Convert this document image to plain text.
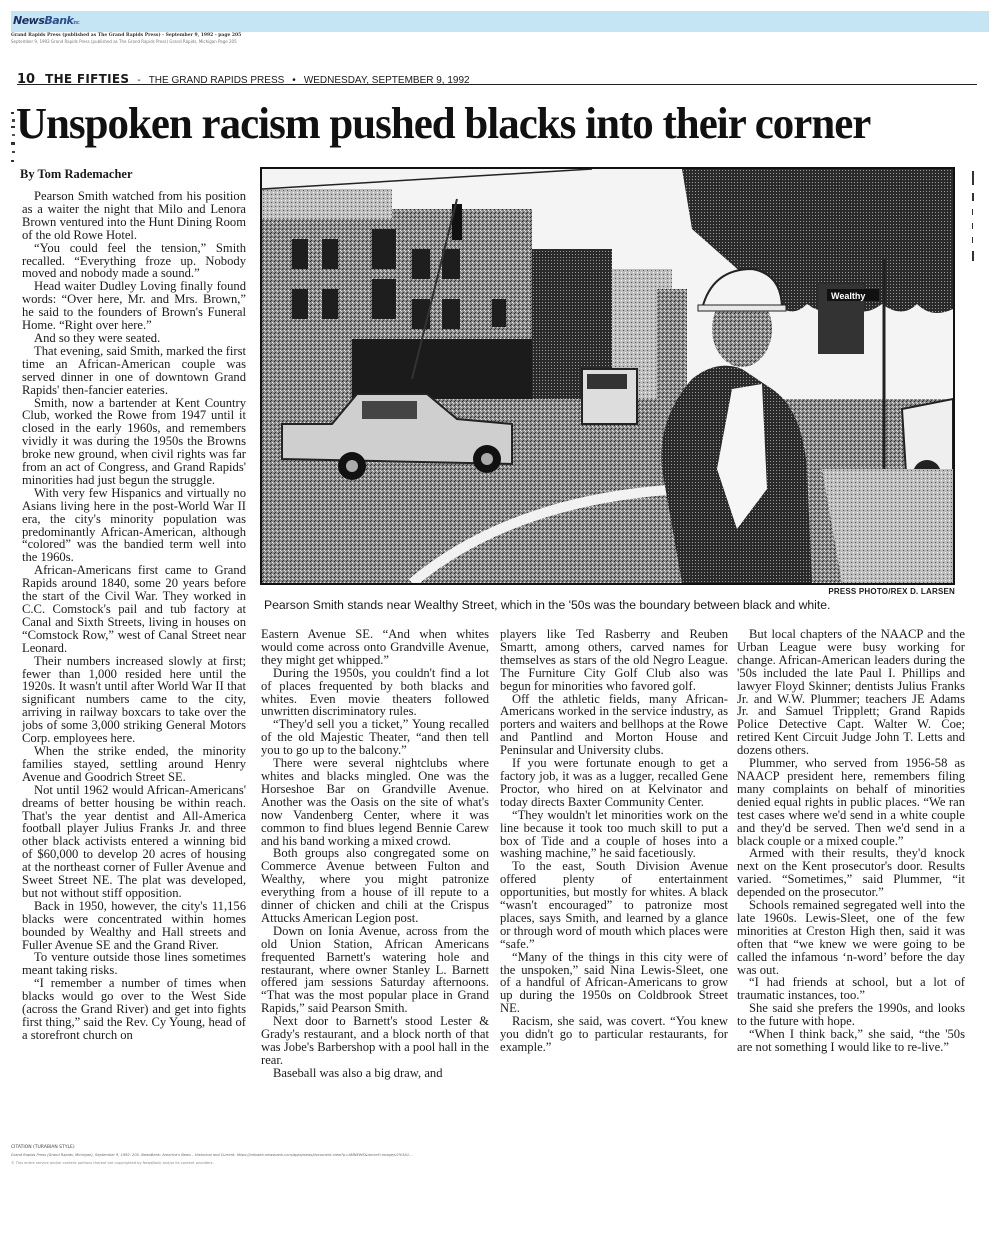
NewsBankinc
Grand Rapids Press (published as The Grand Rapids Press) - September 9, 1992 - page 205
September 9, 1992 Grand Rapids Press (published as The Grand Rapids Press) Grand Rapids, Michigan Page 205
10 THE FIFTIES - THE GRAND RAPIDS PRESS • WEDNESDAY, SEPTEMBER 9, 1992
Unspoken racism pushed blacks into their corner
By Tom Rademacher
Wealthy
PRESS PHOTO/REX D. LARSEN
Pearson Smith stands near Wealthy Street, which in the '50s was the boundary between black and white.

Pearson Smith watched from his position as a waiter the night that Milo and Lenora Brown ventured into the Hunt Dining Room of the old Rowe Hotel.

“You could feel the tension,” Smith recalled. “Everything froze up. Nobody moved and nobody made a sound.”

Head waiter Dudley Loving finally found words: “Over here, Mr. and Mrs. Brown,” he said to the founders of Brown's Funeral Home. “Right over here.”

And so they were seated.

That evening, said Smith, marked the first time an African-American couple was served dinner in one of downtown Grand Rapids' then-fancier eateries.

Smith, now a bartender at Kent Country Club, worked the Rowe from 1947 until it closed in the early 1960s, and remembers vividly it was during the 1950s the Browns broke new ground, when civil rights was far from an act of Congress, and Grand Rapids' minorities had just begun the struggle.

With very few Hispanics and virtually no Asians living here in the post-World War II era, the city's minority population was predominantly African-American, although “colored” was the bandied term well into the 1960s.

African-Americans first came to Grand Rapids around 1840, some 20 years before the start of the Civil War. They worked in C.C. Comstock's pail and tub factory at Canal and Sixth Streets, living in houses on “Comstock Row,” west of Canal Street near Leonard.

Their numbers increased slowly at first; fewer than 1,000 resided here until the 1920s. It wasn't until after World War II that significant numbers came to the city, arriving in railway boxcars to take over the jobs of some 3,000 striking General Motors Corp. employees here.

When the strike ended, the minority families stayed, settling around Henry Avenue and Goodrich Street SE.

Not until 1962 would African-Americans' dreams of better housing be within reach. That's the year dentist and All-America football player Julius Franks Jr. and three other black activists entered a winning bid of $60,000 to develop 20 acres of housing at the northeast corner of Fuller Avenue and Sweet Street NE. The plat was developed, but not without stiff opposition.

Back in 1950, however, the city's 11,156 blacks were concentrated within homes bounded by Wealthy and Hall streets and Fuller Avenue SE and the Grand River.

To venture outside those lines sometimes meant taking risks.

“I remember a number of times when blacks would go over to the West Side (across the Grand River) and get into fights first thing,” said the Rev. Cy Young, head of a storefront church on

Eastern Avenue SE. “And when whites would come across onto Grandville Avenue, they might get whipped.”

During the 1950s, you couldn't find a lot of places frequented by both blacks and whites. Even movie theaters followed unwritten discriminatory rules.

“They'd sell you a ticket,” Young recalled of the old Majestic Theater, “and then tell you to go up to the balcony.”

There were several nightclubs where whites and blacks mingled. One was the Horseshoe Bar on Grandville Avenue. Another was the Oasis on the site of what's now Vandenberg Center, where it was common to find blues legend Bennie Carew and his band working a mixed crowd.

Both groups also congregated some on Commerce Avenue between Fulton and Wealthy, where you might patronize everything from a house of ill repute to a dinner of chicken and chili at the Crispus Attucks American Legion post.

Down on Ionia Avenue, across from the old Union Station, African Americans frequented Barnett's watering hole and restaurant, where owner Stanley L. Barnett offered jam sessions Saturday afternoons. “That was the most popular place in Grand Rapids,” said Pearson Smith.

Next door to Barnett's stood Lester & Grady's restaurant, and a block north of that was Jobe's Barbershop with a pool hall in the rear.

Baseball was also a big draw, and

players like Ted Rasberry and Reuben Smartt, among others, carved names for themselves as stars of the old Negro League. The Furniture City Golf Club also was begun for minorities who favored golf.

Off the athletic fields, many African-Americans worked in the service industry, as porters and waiters and bellhops at the Rowe and Pantlind and Morton House and Peninsular and University clubs.

If you were fortunate enough to get a factory job, it was as a lugger, recalled Gene Proctor, who hired on at Kelvinator and today directs Baxter Community Center.

“They wouldn't let minorities work on the line because it took too much skill to put a box of Tide and a couple of hoses into a washing machine,” he said facetiously.

To the east, South Division Avenue offered plenty of entertainment opportunities, but mostly for whites. A black “wasn't encouraged” to patronize most places, says Smith, and learned by a glance or through word of mouth which places were “safe.”

“Many of the things in this city were of the unspoken,” said Nina Lewis-Sleet, one of a handful of African-Americans to grow up during the 1950s on Coldbrook Street NE.

Racism, she said, was covert. “You knew you didn't go to particular restaurants, for example.”

But local chapters of the NAACP and the Urban League were busy working for change. African-American leaders during the '50s included the late Paul I. Phillips and lawyer Floyd Skinner; dentists Julius Franks Jr. and W.W. Plummer; teachers JE Adams Jr. and Samuel Tripplett; Grand Rapids Police Detective Capt. Walter W. Coe; retired Kent Circuit Judge John T. Letts and dozens others.

Plummer, who served from 1956-58 as NAACP president here, remembers filing many complaints on behalf of minorities denied equal rights in public places. “We ran test cases where we'd send in a white couple and they'd be served. Then we'd send in a black couple or a mixed couple.”

Armed with their results, they'd knock next on the Kent prosecutor's door. Results varied. “Sometimes,” said Plummer, “it depended on the prosecutor.”

Schools remained segregated well into the late 1960s. Lewis-Sleet, one of the few minorities at Creston High then, said it was often that “we knew we were going to be called the infamous ‘n-word’ before the day was out.

“I had friends at school, but a lot of traumatic instances, too.”

She said she prefers the 1990s, and looks to the future with hope.

“When I think back,” she said, “the '50s are not something I would like to re-live.”

CITATION (TURABIAN STYLE)
Grand Rapids Press (Grand Rapids, Michigan), September 9, 1992: 205. NewsBank: America's News – Historical and Current. https://infoweb.newsbank.com/apps/news/document-view?p=AMNEWS&docref=image/v2%3A1...
© This entire service and/or content portions thereof are copyrighted by NewsBank and/or its content providers.
